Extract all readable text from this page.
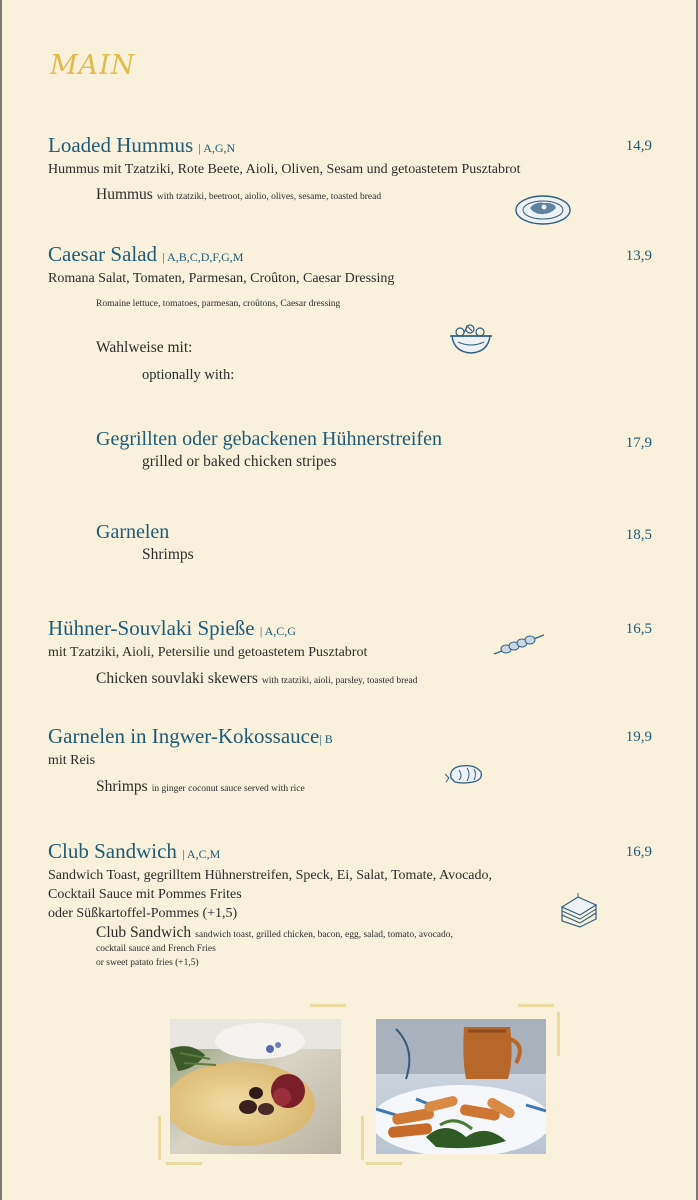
MAIN
Loaded Hummus | A,G,N
Hummus mit Tzatziki, Rote Beete, Aioli, Oliven, Sesam und getoastetem Pusztabrot
Hummus with tzatziki, beetroot, aiolio, olives, sesame, toasted bread
14,9
Caesar Salad | A,B,C,D,F,G,M
Romana Salat, Tomaten, Parmesan, Croûton, Caesar Dressing
Romaine lettuce, tomatoes, parmesan, croûtons, Caesar dressing
Wahlweise mit:
optionally with:
13,9
Gegrillten oder gebackenen Hühnerstreifen
grilled or baked chicken stripes
17,9
Garnelen
Shrimps
18,5
Hühner-Souvlaki Spieße | A,C,G
mit Tzatziki, Aioli, Petersilie und getoastetem Pusztabrot
Chicken souvlaki skewers with tzatziki, aioli, parsley, toasted bread
16,5
Garnelen in Ingwer-Kokossauce| B
mit Reis
Shrimps in ginger coconut sauce served with rice
19,9
Club Sandwich | A,C,M
Sandwich Toast, gegrilltem Hühnerstreifen, Speck, Ei, Salat, Tomate, Avocado,
Cocktail Sauce mit Pommes Frites
oder Süßkartoffel-Pommes (+1,5)
Club Sandwich sandwich toast, grilled chicken, bacon, egg, salad, tomato, avocado,
cocktail sauce and French Fries
or sweet patato fries (+1,5)
16,9
